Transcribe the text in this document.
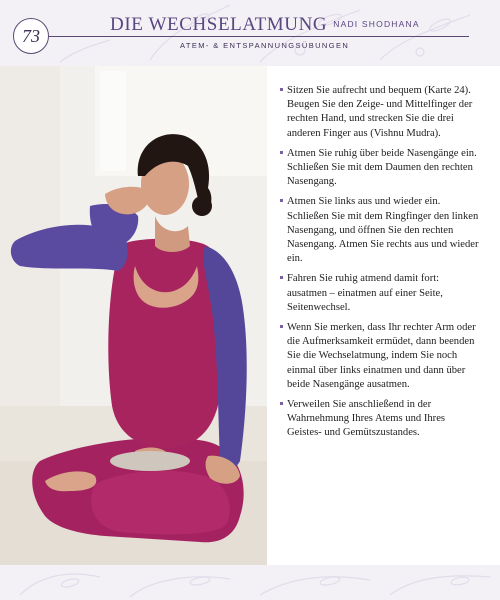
73
DIE WECHSELATMUNG $^{NADI SHODHANA}$
ATEM- & ENTSPANNUNGSÜBUNGEN
Sitzen Sie aufrecht und bequem (Karte 24). Beugen Sie den Zeige- und Mittelfinger der rechten Hand, und strecken Sie die drei anderen Finger aus (Vishnu Mudra).
Atmen Sie ruhig über beide Nasengänge ein. Schließen Sie mit dem Daumen den rechten Nasengang.
Atmen Sie links aus und wieder ein. Schließen Sie mit dem Ringfinger den linken Nasengang, und öffnen Sie den rechten Nasengang. Atmen Sie rechts aus und wieder ein.
Fahren Sie ruhig atmend damit fort: ausatmen – einatmen auf einer Seite, Seitenwechsel.
Wenn Sie merken, dass Ihr rechter Arm oder die Aufmerksamkeit ermüdet, dann beenden Sie die Wechselatmung, indem Sie noch einmal über links einatmen und dann über beide Nasengänge ausatmen.
Verweilen Sie anschließend in der Wahrnehmung Ihres Atems und Ihres Geistes- und Gemütszustandes.
